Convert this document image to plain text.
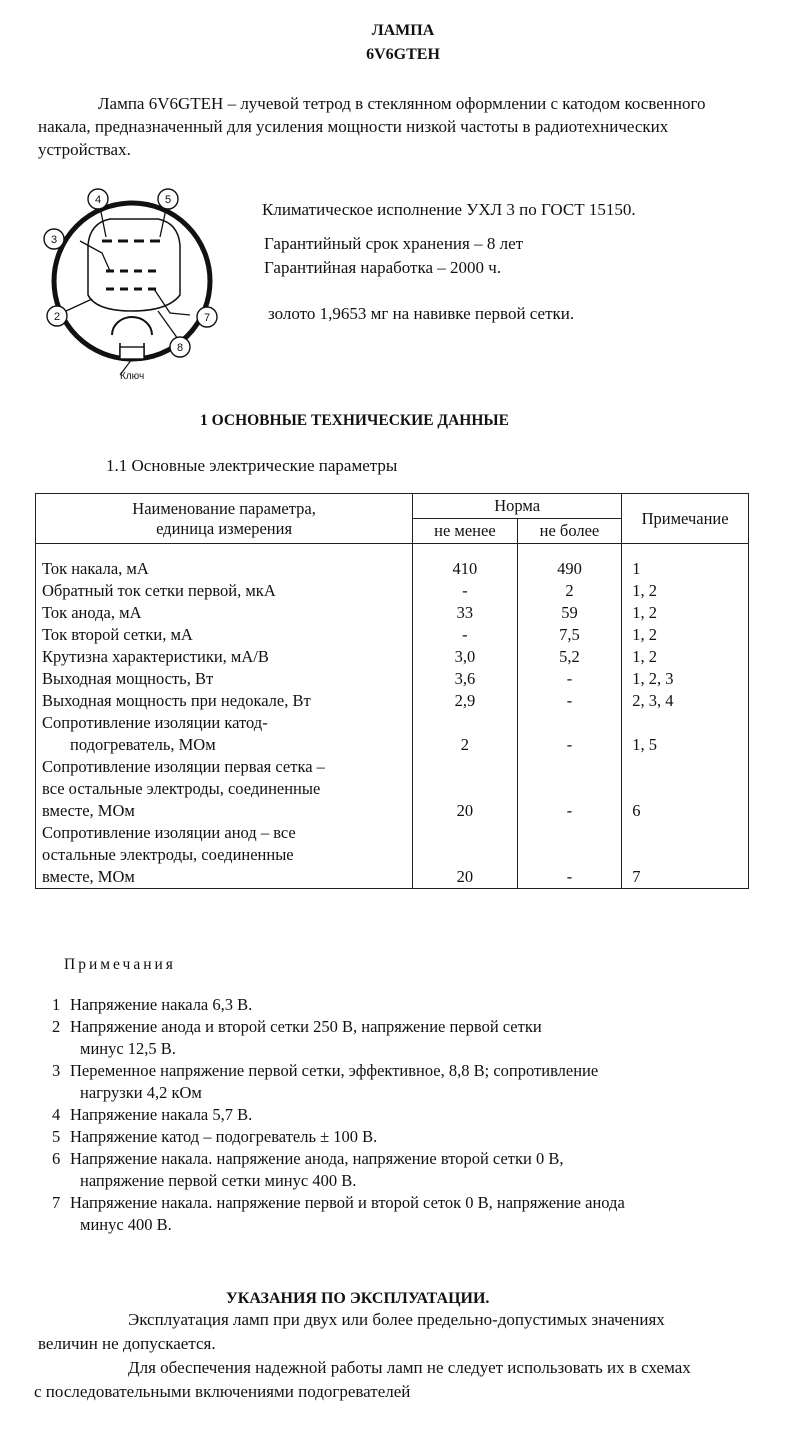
ЛАМПА
6V6GTEH
Лампа 6V6GTEH – лучевой тетрод в стеклянном оформлении с катодом косвенного накала, предназначенный для усиления мощности низкой частоты в радиотехнических устройствах.
2
3
4	5
7
8
Ключ
Климатическое исполнение УХЛ 3 по ГОСТ 15150.
Гарантийный срок хранения – 8 лет
Гарантийная наработка – 2000 ч.
золото 1,9653 мг на навивке первой сетки.
1 ОСНОВНЫЕ ТЕХНИЧЕСКИЕ ДАННЫЕ
1.1 Основные электрические параметры
Наименование параметра,
единица измерения	Норма		Примечание
	не менее	не более	

Ток накала, мА	410	490	1

Обратный ток сетки первой, мкА	-	2	1, 2

Ток анода, мА	33	59	1, 2

Ток второй сетки, мА	-	7,5	1, 2

Крутизна характеристики, мА/В	3,0	5,2	1, 2

Выходная мощность, Вт	3,6	-	1, 2, 3

Выходная мощность при недокале, Вт	2,9	-	2, 3, 4

Сопротивление изоляции катод-
подогреватель, МОм	2	-	1, 5

Сопротивление изоляции первая сетка –
все остальные электроды, соединенные
вместе, МОм	20	-	6

Сопротивление изоляции анод – все
остальные электроды, соединенные
вместе, МОм	20	-	7
Примечания
1 Напряжение накала 6,3 В.
2 Напряжение анода и второй сетки 250 В, напряжение первой сетки
минус 12,5 В.
3 Переменное напряжение первой сетки, эффективное, 8,8 В; сопротивление
нагрузки 4,2 кОм
4 Напряжение накала 5,7 В.
5 Напряжение катод – подогреватель ± 100 В.
6 Напряжение накала. напряжение анода, напряжение второй сетки 0 В,
напряжение первой сетки минус 400 В.
7 Напряжение накала. напряжение первой и второй сеток 0 В, напряжение анода
минус 400 В.
УКАЗАНИЯ ПО ЭКСПЛУАТАЦИИ.
Эксплуатация ламп при двух или более предельно-допустимых значениях
величин не допускается.
Для обеспечения надежной работы ламп не следует использовать их в схемах
с последовательными включениями подогревателей
